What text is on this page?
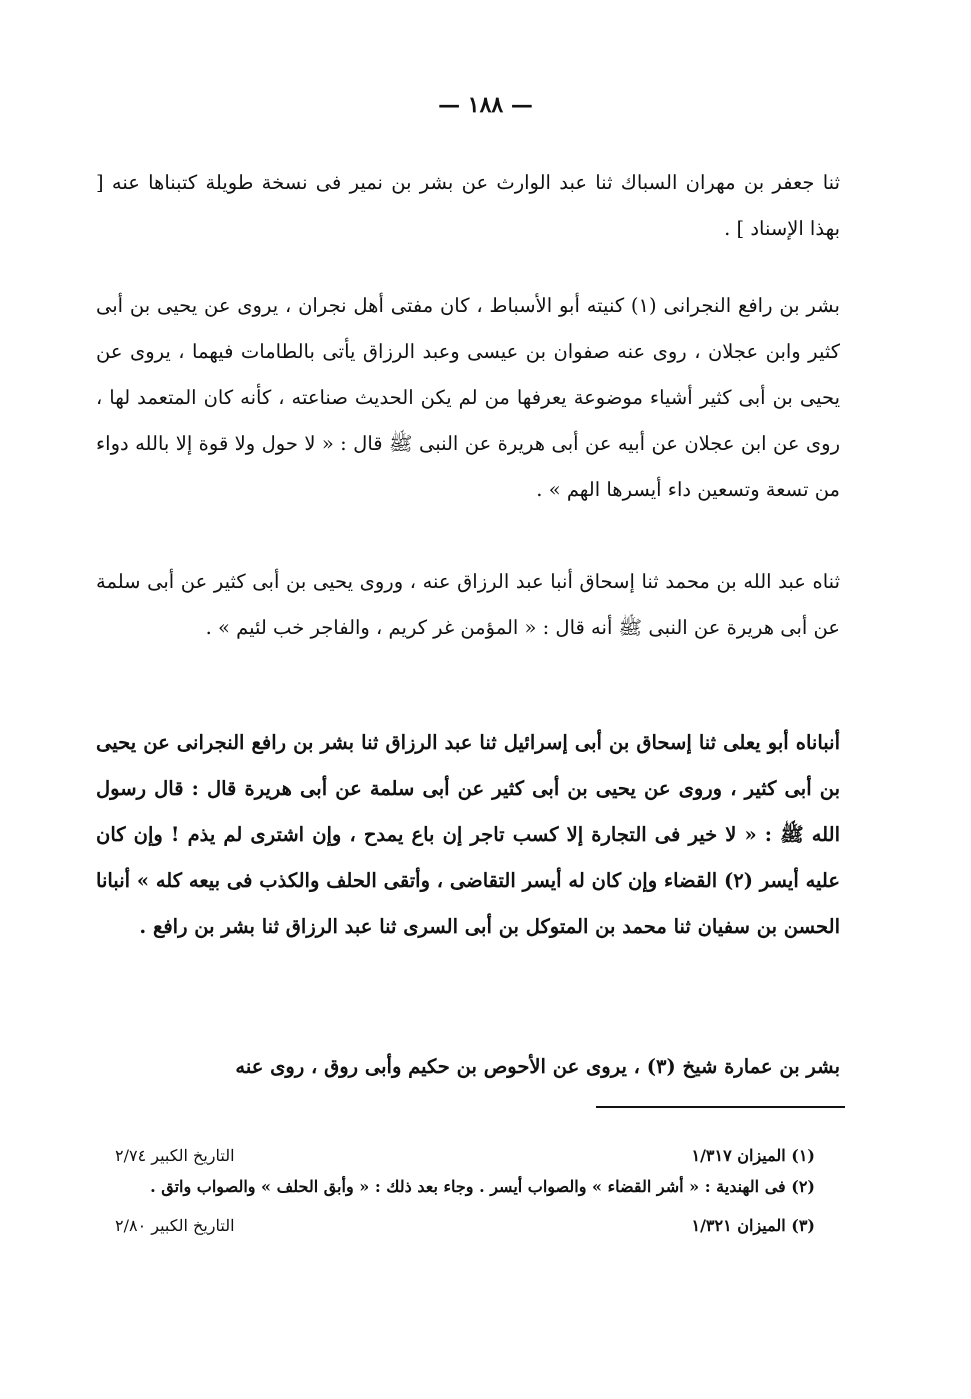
— ١٨٨ —

ثنا جعفر بن مهران السباك ثنا عبد الوارث عن بشر بن نمير فى نسخة طويلة كتبناها عنه [ بهذا الإسناد ] .

بشر بن رافع النجرانى (١) كنيته أبو الأسباط ، كان مفتى أهل نجران ، يروى عن يحيى بن أبى كثير وابن عجلان ، روى عنه صفوان بن عيسى وعبد الرزاق يأتى بالطامات فيهما ، يروى عن يحيى بن أبى كثير أشياء موضوعة يعرفها من لم يكن الحديث صناعته ، كأنه كان المتعمد لها ، روى عن ابن عجلان عن أبيه عن أبى هريرة عن النبى ﷺ قال : « لا حول ولا قوة إلا بالله دواء من تسعة وتسعين داء أيسرها الهم » .

ثناه عبد الله بن محمد ثنا إسحاق أنبا عبد الرزاق عنه ، وروى يحيى بن أبى كثير عن أبى سلمة عن أبى هريرة عن النبى ﷺ أنه قال : « المؤمن غر كريم ، والفاجر خب لئيم » .

أنباناه أبو يعلى ثنا إسحاق بن أبى إسرائيل ثنا عبد الرزاق ثنا بشر بن رافع النجرانى عن يحيى بن أبى كثير ، وروى عن يحيى بن أبى كثير عن أبى سلمة عن أبى هريرة قال : قال رسول الله ﷺ : « لا خير فى التجارة إلا كسب تاجر إن باع يمدح ، وإن اشترى لم يذم ! وإن كان عليه أيسر (٢) القضاء وإن كان له أيسر التقاضى ، وأتقى الحلف والكذب فى بيعه كله » أنبانا الحسن بن سفيان ثنا محمد بن المتوكل بن أبى السرى ثنا عبد الرزاق ثنا بشر بن رافع .

بشر بن عمارة شيخ (٣) ، يروى عن الأحوص بن حكيم وأبى روق ، روى عنه

(١) الميزان ١/٣١٧
التاريخ الكبير ٢/٧٤

(٢) فى الهندية : « أشر القضاء » والصواب أيسر . وجاء بعد ذلك : « وأبق الحلف » والصواب واتق .

(٣) الميزان ١/٣٢١
التاريخ الكبير ٢/٨٠
